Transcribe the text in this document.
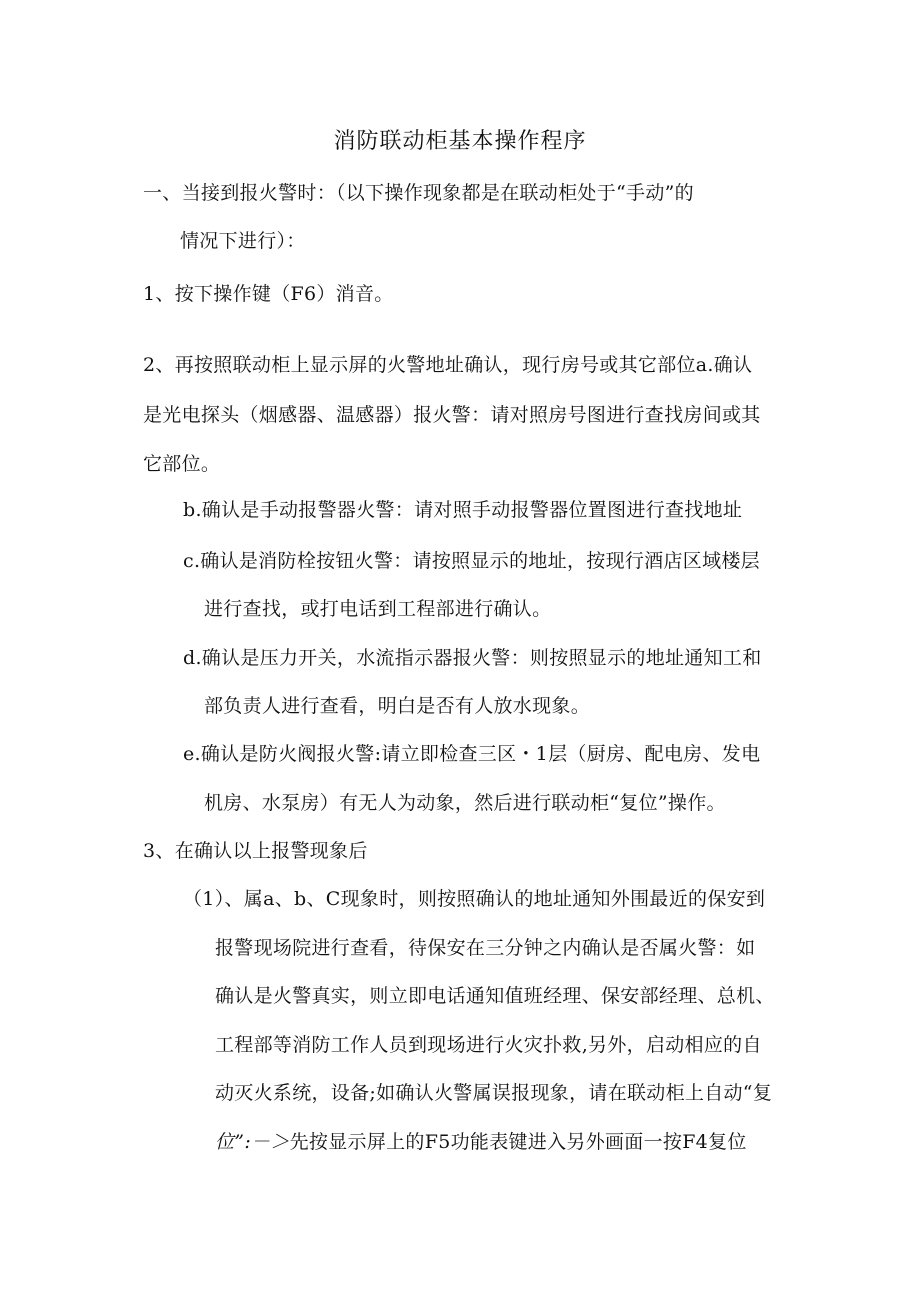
消防联动柜基本操作程序
一、当接到报火警时：（以下操作现象都是在联动柜处于“手动”的
情况下进行）：
1、按下操作键（F6）消音。
2、再按照联动柜上显示屏的火警地址确认，现行房号或其它部位a.确认
是光电探头（烟感器、温感器）报火警：请对照房号图进行查找房间或其
它部位。
b.确认是手动报警器火警：请对照手动报警器位置图进行查找地址
c.确认是消防栓按钮火警：请按照显示的地址，按现行酒店区域楼层
进行查找，或打电话到工程部进行确认。
d.确认是压力开关，水流指示器报火警：则按照显示的地址通知工和
部负责人进行查看，明白是否有人放水现象。
e.确认是防火阀报火警:请立即检查三区・1层（厨房、配电房、发电
机房、水泵房）有无人为动象，然后进行联动柜“复位”操作。
3、在确认以上报警现象后
（1）、属a、b、C现象时，则按照确认的地址通知外围最近的保安到
报警现场院进行查看，待保安在三分钟之内确认是否属火警：如
确认是火警真实，则立即电话通知值班经理、保安部经理、总机、
工程部等消防工作人员到现场进行火灾扑救,另外，启动相应的自
动灭火系统，设备;如确认火警属误报现象，请在联动柜上自动“复
位”:－＞先按显示屏上的F5功能表键进入另外画面一按F4复位
